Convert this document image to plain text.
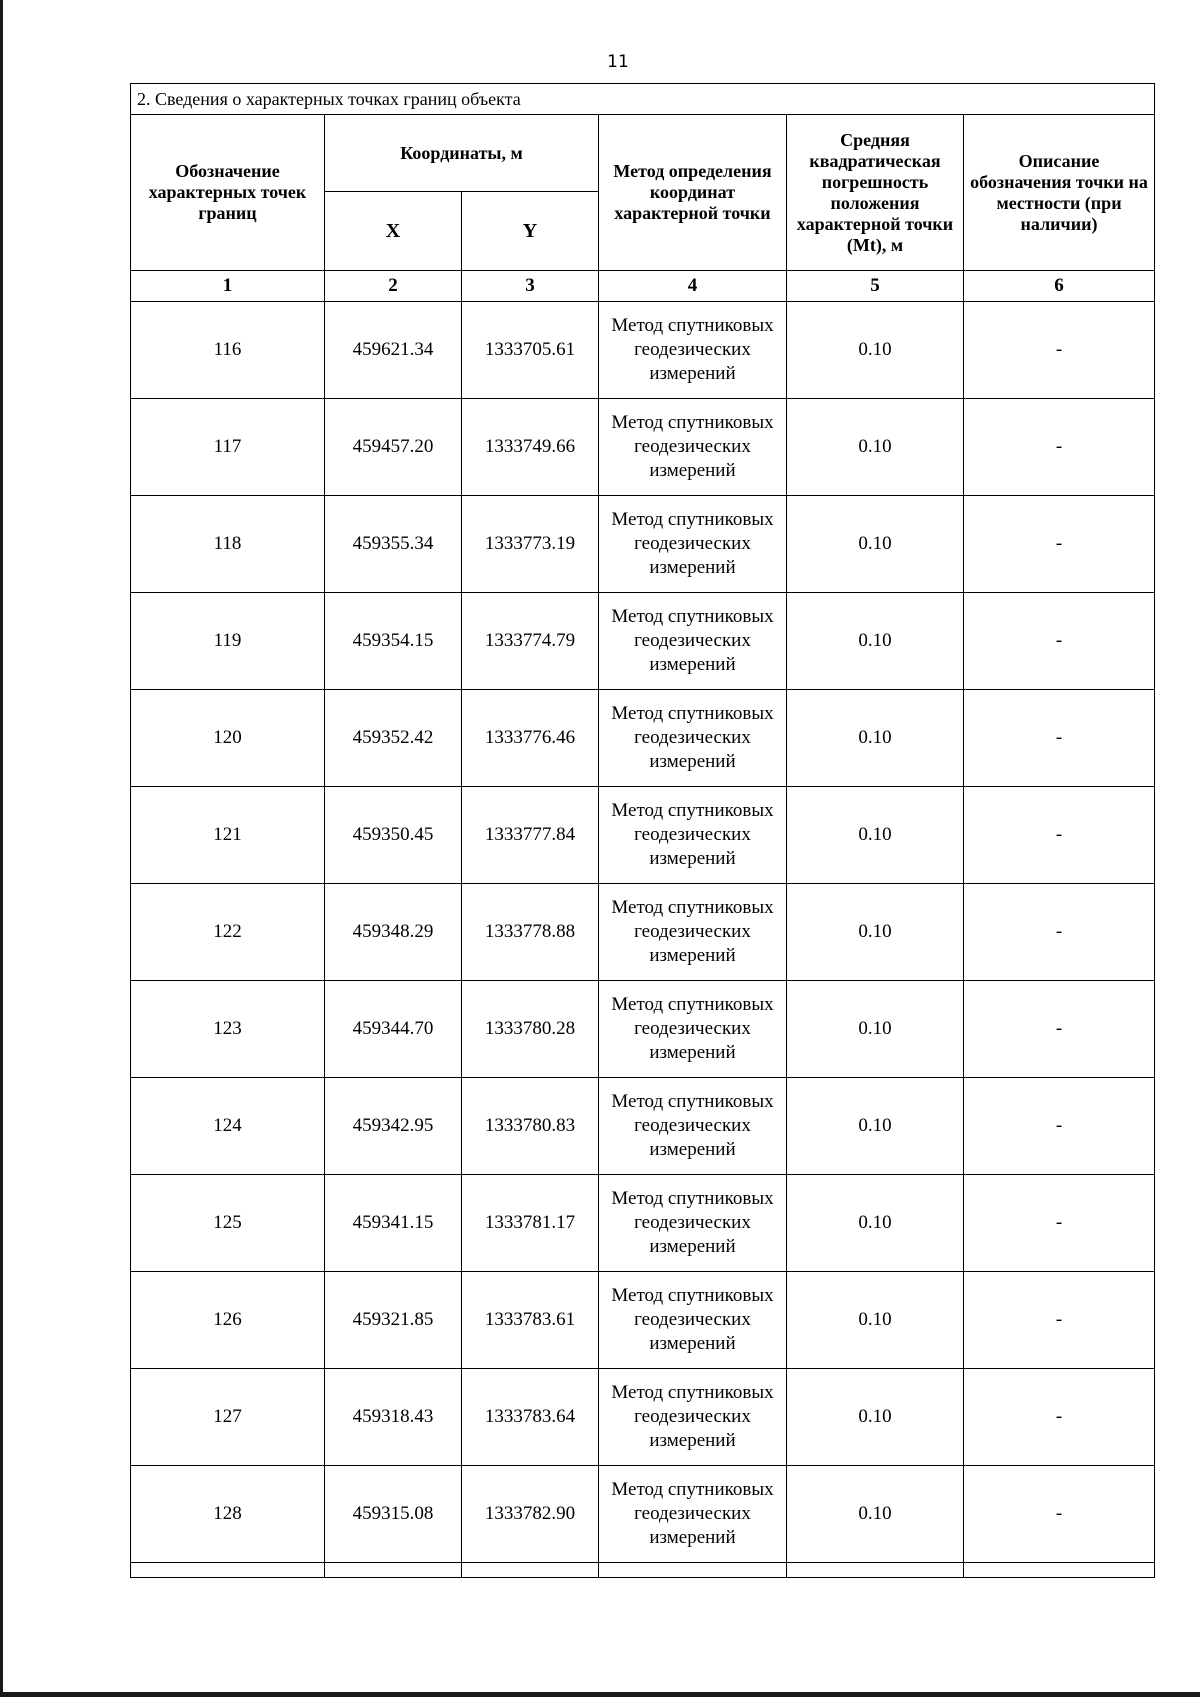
11
2. Сведения о характерных точках границ объекта					
Обозначение характерных точек границ	Координаты, м		Метод определения координат характерной точки	Средняя квадратическая погрешность положения характерной точки (Mt), м	Описание обозначения точки на местности (при наличии)
	X	Y			
1	2	3	4	5	6
116	459621.34	1333705.61	Метод спутниковых геодезических измерений	0.10	-
117	459457.20	1333749.66	Метод спутниковых геодезических измерений	0.10	-
118	459355.34	1333773.19	Метод спутниковых геодезических измерений	0.10	-
119	459354.15	1333774.79	Метод спутниковых геодезических измерений	0.10	-
120	459352.42	1333776.46	Метод спутниковых геодезических измерений	0.10	-
121	459350.45	1333777.84	Метод спутниковых геодезических измерений	0.10	-
122	459348.29	1333778.88	Метод спутниковых геодезических измерений	0.10	-
123	459344.70	1333780.28	Метод спутниковых геодезических измерений	0.10	-
124	459342.95	1333780.83	Метод спутниковых геодезических измерений	0.10	-
125	459341.15	1333781.17	Метод спутниковых геодезических измерений	0.10	-
126	459321.85	1333783.61	Метод спутниковых геодезических измерений	0.10	-
127	459318.43	1333783.64	Метод спутниковых геодезических измерений	0.10	-
128	459315.08	1333782.90	Метод спутниковых геодезических измерений	0.10	-
